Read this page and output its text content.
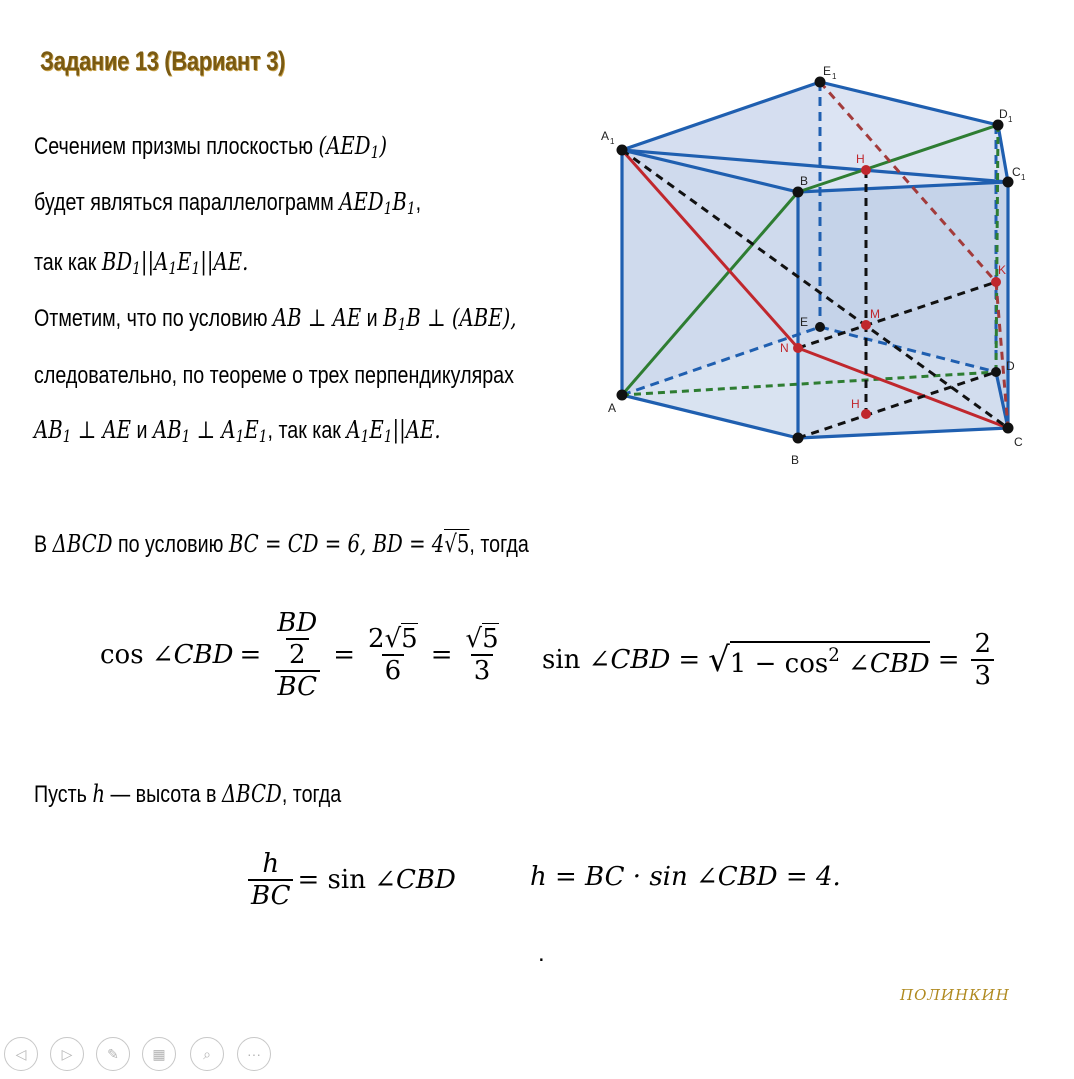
Задание 13 (Вариант 3)
Сечением призмы плоскостью $(AED_1)$
будет являться параллелограмм $AED_1B_1$,
так как $BD_1||A_1E_1||AE$.
Отметим, что по условию AB ⊥ AE и $B_1B$ ⊥ (ABE),
следовательно, по теореме о трех перпендикулярах
$AB_1$ ⊥ AE и $AB_1$ ⊥ $A_1E_1$, так как $A_1E_1||AE$.
В ΔBCD по условию BC = CD = 6, BD = 4√5, тогда
cos ∠ CBD = $\frac{\frac{BD}{2}}{BC} = \frac{2√5}{6} = \frac{√5}{3}$ sin ∠ CBD = √ $1 - \cos^2$ ∠CBD = $\frac{2}{3}$
Пусть h — высота в ΔBCD, тогда
$\frac{h}{BC} = \sin$ ∠ CBD	h = BC · sin ∠CBD = 4.
.
A 1
E 1
D 1
C 1
B
A
B
C
D
E
H
H
K
M
N
ПОЛИНКИН
◁	▷ ✎ ▦	⌕	···
